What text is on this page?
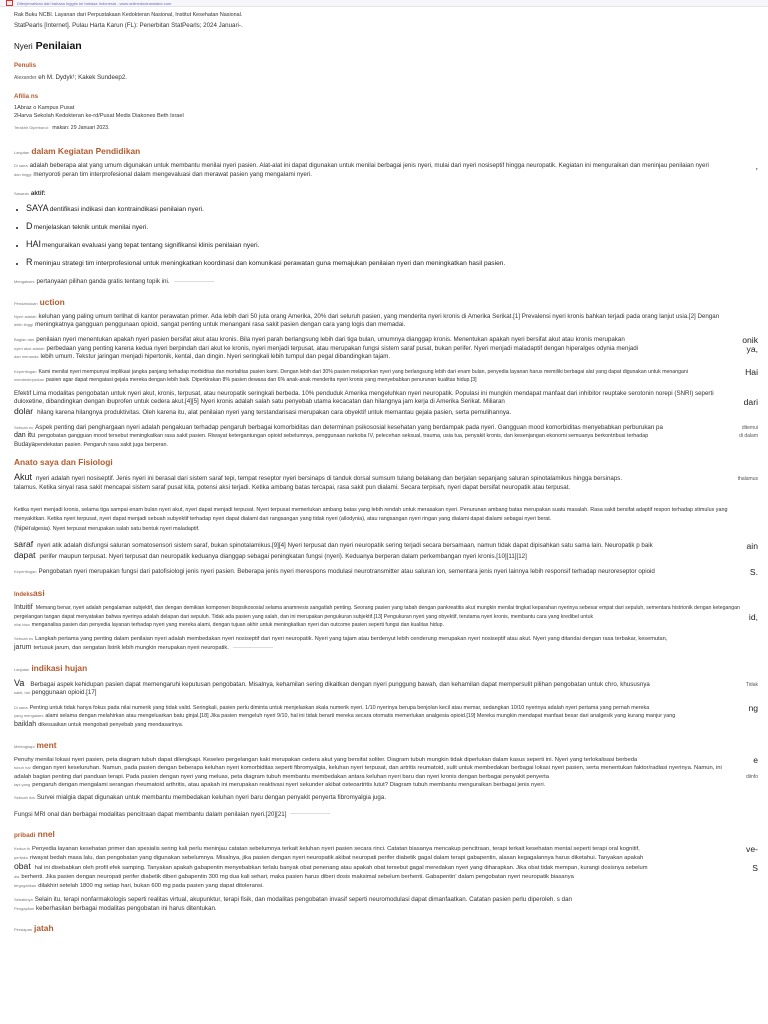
□	Diterjemahkan dari bahasa Inggris ke bahasa Indonesia - www.onlinedoctranslator.com

Rak Buku NCBI. Layanan dari Perpustakaan Kedokteran Nasional, Institut Kesehatan Nasional.

StatPearls [Internet]. Pulau Harta Karun (FL): Penerbitan StatPearls; 2024 Januari-.

Nyeri Penilaian
Penulis

Alexander eh M. Dydyk¹; Kakek Sundeep2.

Afilia ns

1Abraz o Kampus Pusat

2Harva Sekolah Kedokteran ke-rd/Pusat Medis Diakones Beth Israel

Terakhir Diperbarui: makan: 29 Januari 2023.

Lanjutan dalam Kegiatan Pendidikan
Di sana adalah beberapa alat yang umum digunakan untuk membantu menilai nyeri pasien. Alat-alat ini dapat digunakan untuk menilai berbagai jenis nyeri, mulai dari nyeri nosiseptif hingga neuropatik. Kegiatan ini menguraikan dan meninjau penilaian nyeri	,
dan tinggi menyoroti peran tim interprofesional dalam mengevaluasi dan merawat pasien yang mengalami nyeri.

Sasaran aktif:

• SAYAdentifikasi indikasi dan kontraindikasi penilaian nyeri.
• Dmenjelaskan teknik untuk menilai nyeri.
• HAImenguraikan evaluasi yang tepat tentang signifikansi klinis penilaian nyeri.
• Rmeninjau strategi tim interprofesional untuk meningkatkan koordinasi dan komunikasi perawatan guna memajukan penilaian nyeri dan meningkatkan hasil pasien.

Mengakses pertanyaan pilihan ganda gratis tentang topik ini.

Pendahuluan uction
Nyeri adalah keluhan yang paling umum terlihat di kantor perawatan primer. Ada lebih dari 50 juta orang Amerika, 20% dari seluruh pasien, yang menderita nyeri kronis di Amerika Serikat.[1] Prevalensi nyeri kronis bahkan terjadi pada orang lanjut usia.[2] Dengan
lebih tinggi meningkatnya gangguan penggunaan opioid, sangat penting untuk menangani rasa sakit pasien dengan cara yang logis dan memadai.
Bagian dari penilaian nyeri menentukan apakah nyeri pasien bersifat akut atau kronis. Bila nyeri parah berlangsung lebih dari tiga bulan, umumnya dianggap kronis. Menentukan apakah nyeri bersifat akut atau kronis merupakan	onik
nyeri akut adalah perbedaan yang penting karena kedua nyeri berpindah dari akut ke kronis, nyeri menjadi terpusat, atau merupakan fungsi sistem saraf pusat, bukan perifer. Nyeri menjadi maladaptif dengan hiperalges odynia menjadi	ya,
dan menanda lebih umum. Tekstur jaringan menjadi hipertonik, kental, dan dingin. Nyeri seringkali lebih tumpul dan pegal dibandingkan tajam.
Kepentingan Kami menilai nyeri mempunyai implikasi jangka panjang terhadap morbiditas dan mortalitas pasien kami. Dengan lebih dari 30% pasien melaporkan nyeri yang berlangsung lebih dari enam bulan, penyedia layanan harus memiliki berbagai alat yang dapat digunakan untuk menangani	Hai
mendeskripsikan pasien agar dapat mengatasi gejala mereka dengan lebih baik. Diperkirakan 8% pasien dewasa dan 6% anak-anak menderita nyeri kronis yang menyebabkan penurunan kualitas hidup.[3]
Efektif Lima modalitas pengobatan untuk nyeri akut, kronis, terpusat, atau neuropatik seringkali berbeda. 10% penduduk Amerika mengeluhkan nyeri neuropatik. Populasi ini mungkin mendapat manfaat dari inhibitor reuptake serotonin norepi (SNRI) seperti duloxetine, dibandingkan dengan ibuprofen untuk cedera akut.[4][5] Nyeri kronis adalah salah satu penyebab utama kecacatan dan hilangnya jam kerja di Amerika Serikat. Miliaran	dari
dolar hilang karena hilangnya produktivitas. Oleh karena itu, alat penilaian nyeri yang terstandarisasi merupakan cara obyektif untuk memantau gejala pasien, serta pemulihannya.
Sebuah ex Aspek penting dari penghargaan nyeri adalah pengakuan terhadap pengaruh berbagai komorbiditas dan determinan psikososial kesehatan yang berdampak pada nyeri. Gangguan mood komorbiditas menyebabkan perburukan pa	ditemui
dan itu pengobatan gangguan mood tersebut meningkatkan rasa sakit pasien. Riwayat ketergantungan opioid sebelumnya, penggunaan narkoba IV, pelecehan seksual, trauma, usia tua, penyakit kronis, dan kesenjangan ekonomi semuanya berkontribusi terhadap	di dalam
Budayapendekatan pasien. Pengaruh rasa sakit juga berperan.
Anato saya dan Fisiologi
Akut nyeri adalah nyeri nosiseptif. Jenis nyeri ini berasal dari sistem saraf tepi, tempat reseptor nyeri bersinaps di tanduk dorsal sumsum tulang belakang dan berjalan sepanjang saluran spinotalamikus hingga bersinaps.	thalamus
talamus. Ketika sinyal rasa sakit mencapai sistem saraf pusat kita, potensi aksi terjadi. Ketika ambang batas tercapai, rasa sakit pun dialami. Secara terpisah, nyeri dapat bersifat neuropatik atau terpusat.
Ketika nyeri menjadi kronis, selama tiga sampai enam bulan nyeri akut, nyeri dapat menjadi terpusat. Nyeri terpusat memerlukan ambang batas yang lebih rendah untuk merasakan nyeri. Penurunan ambang batas merupakan suatu masalah. Rasa sakit bersifat adaptif respon terhadap stimulus yang menyakitkan. Ketika nyeri terpusat, nyeri dapat menjadi sebuah subyektif terhadap nyeri dapat dialami dari rangsangan yang tidak nyeri (allodynia), atau rangsangan nyeri ringan yang dialami dapat dialami sebagai nyeri berat.
(hiperalgesia). Nyeri terpusat merupakan salah satu bentuk nyeri maladaptif.
saraf nyeri atik adalah disfungsi saluran somatosensori sistem saraf, bukan spinotalamikus.[9][4] Nyeri terpusat dan nyeri neuropatik sering terjadi secara bersamaan, namun tidak dapat dipisahkan satu sama lain. Neuropatik p baik	ain
dapat perifer maupun terpusat. Nyeri terpusat dan neuropatik keduanya dianggap sebagai peningkatan fungsi (nyeri). Keduanya berperan dalam perkembangan nyeri kronis.[10][11][12]
Kepentingan Pengobatan nyeri merupakan fungsi dari patofisiologi jenis nyeri pasien. Beberapa jenis nyeri merespons modulasi neurotransmitter atau saluran ion, sementara jenis nyeri lainnya lebih responsif terhadap neuroreseptor opioid	S.
Indeksasi
Intuitif Memang benar, nyeri adalah pengalaman subjektif, dan dengan demikian komponen biopsikososial selama anamnesis sangatlah penting. Seorang pasien yang tabah dengan pankreatitis akut mungkin menilai tingkat keparahan nyerinya sebesar empat dari sepuluh, sementara histrionik dengan ketegangan pergelangan tangan dapat menyatakan bahwa nyerinya adalah delapan dari sepuluh. Tidak ada pasien yang salah, dan ini merupakan pengukuran subjektif.[13] Pengukuran nyeri yang obyektif, terutama nyeri kronis, membantu cara yang kredibel untuk	id,
nilai bisa menganalisa pasien dan penyedia layanan terhadap nyeri yang mereka alami, dengan tujuan akhir untuk meningkatkan nyeri dan outcome pasien seperti fungsi dan kualitas hidup.
Sebuah es Langkah pertama yang penting dalam penilaian nyeri adalah membedakan nyeri nosiseptif dari nyeri neuropatik. Nyeri yang tajam atau berdenyut lebih cenderung merupakan nyeri nosiseptif atau akut. Nyeri yang ditandai dengan rasa terbakar, kesemutan,
jarum tertusuk jarum, dan sengatan listrik lebih mungkin merupakan nyeri neuropatik.
Lanjutan indikasi hujan
Va Berbagai aspek kehidupan pasien dapat memengaruhi keputusan pengobatan. Misalnya, kehamilan sering dikaitkan dengan nyeri punggung bawah, dan kehamilan dapat mempersulit pilihan pengobatan untuk chro, khususnya	Tidak
sakit, hal penggunaan opioid.[17]
Di sana Penting untuk tidak hanya fokus pada nilai numerik yang tidak valid. Seringkali, pasien perlu diminta untuk menjelaskan skala numerik nyeri. 1/10 nyerinya berupa benjolan kecil atau memar, sedangkan 10/10 nyerinya adalah nyeri pertama yang pernah mereka	ng
yang mengalami alami selama dengan melahirkan atau mengeluarkan batu ginjal.[18] Jika pasien mengeluh nyeri 9/10, hal ini tidak berarti mereka secara otomatis memerlukan analgesia opioid.[19] Mereka mungkin mendapat manfaat besar dari analgesik yang kurang manjur yang
baiklah dikesuaikan untuk mengobati penyebab yang mendasarinya.
Melengkapi ment
Penuhy menilai lokasi nyeri pasien, peta diagram tubuh dapat dilengkapi. Keseleo pergelangan kaki merupakan cedera akut yang bersifat soliter. Diagram tubuh mungkin tidak diperlukan dalam kasus seperti ini. Nyeri yang terlokalisasi berbeda	e
tubuh hal dengan nyeri keseluruhan. Namun, pada pasien dengan beberapa keluhan nyeri komorbiditas seperti fibromyalgia, keluhan nyeri terpusat, dan artritis reumatoid, sulit untuk membedakan berbagai lokasi nyeri pasien, serta menentukan faktor/radiasi nyerinya. Namun, ini adalah bagian penting dari panduan terapi. Pada pasien dengan nyeri yang meluas, peta diagram tubuh membantu membedakan antara keluhan nyeri baru dan nyeri kronis dengan berbagai penyakit penyerta	diinfo
tapi yang pengaruh dengan mengalami serangan rheumatoid arthritis, atau apakah ini merupakan reaktivasi nyeri sekunder akibat osteoartritis lutut? Diagram tubuh membantu menguraikan berbagai jenis nyeri.

Sebuah ilus Survei mialgia dapat digunakan untuk membantu membedakan keluhan nyeri baru dengan penyakit penyerta fibromyalgia juga.

Fungsi MRI onal dan berbagai modalitas pencitraan dapat membantu dalam penilaian nyeri.[20][21]

pribadi nnel
Kedua th Penyedia layanan kesehatan primer dan spesialis sering kali perlu meninjau catatan sebelumnya terkait keluhan nyeri pasien secara rinci. Catatan biasanya mencakup pencitraan, terapi terkait kesehatan mental seperti terapi oral kognitif,	ve-
perilaku riwayat bedah masa lalu, dan pengobatan yang digunakan sebelumnya. Misalnya, jika pasien dengan nyeri neuropatik akibat neuropati perifer diabetik gagal dalam terapi gabapentin, alasan kegagalannya harus diketahui. Tanyakan apakah
obat hal ini disebabkan oleh profil efek samping. Tanyakan apakah gabapentin menyebabkan terlalu banyak obat penenang atau apakah obat tersebut gagal meredakan nyeri yang diharapkan. Jika obat tidak mempan, kurangi dosisnya sebelum	S
dia berhenti. Jika pasien dengan neuropati perifer diabetik diberi gabapentin 300 mg dua kali sehari, maka pasien harus diberi dosis maksimal sebelum berhenti. Gabapentin' dalam pengobatan nyeri neuropatik biasanya
tergugahkan dilakhiri setelah 1800 mg setiap hari, bukan 600 mg pada pasien yang dapat ditoleransi.
Sebaiknya Selain itu, terapi nonfarmakologis seperti realitas virtual, akupunktur, terapi fisik, dan modalitas pengobatan invasif seperti neuromodulasi dapat dimanfaatkan. Catatan pasien perlu diperoleh. s dan
Pengaplian keberhasilan berbagai modalitas pengobatan ini harus ditentukan.
Persiapan jatah
